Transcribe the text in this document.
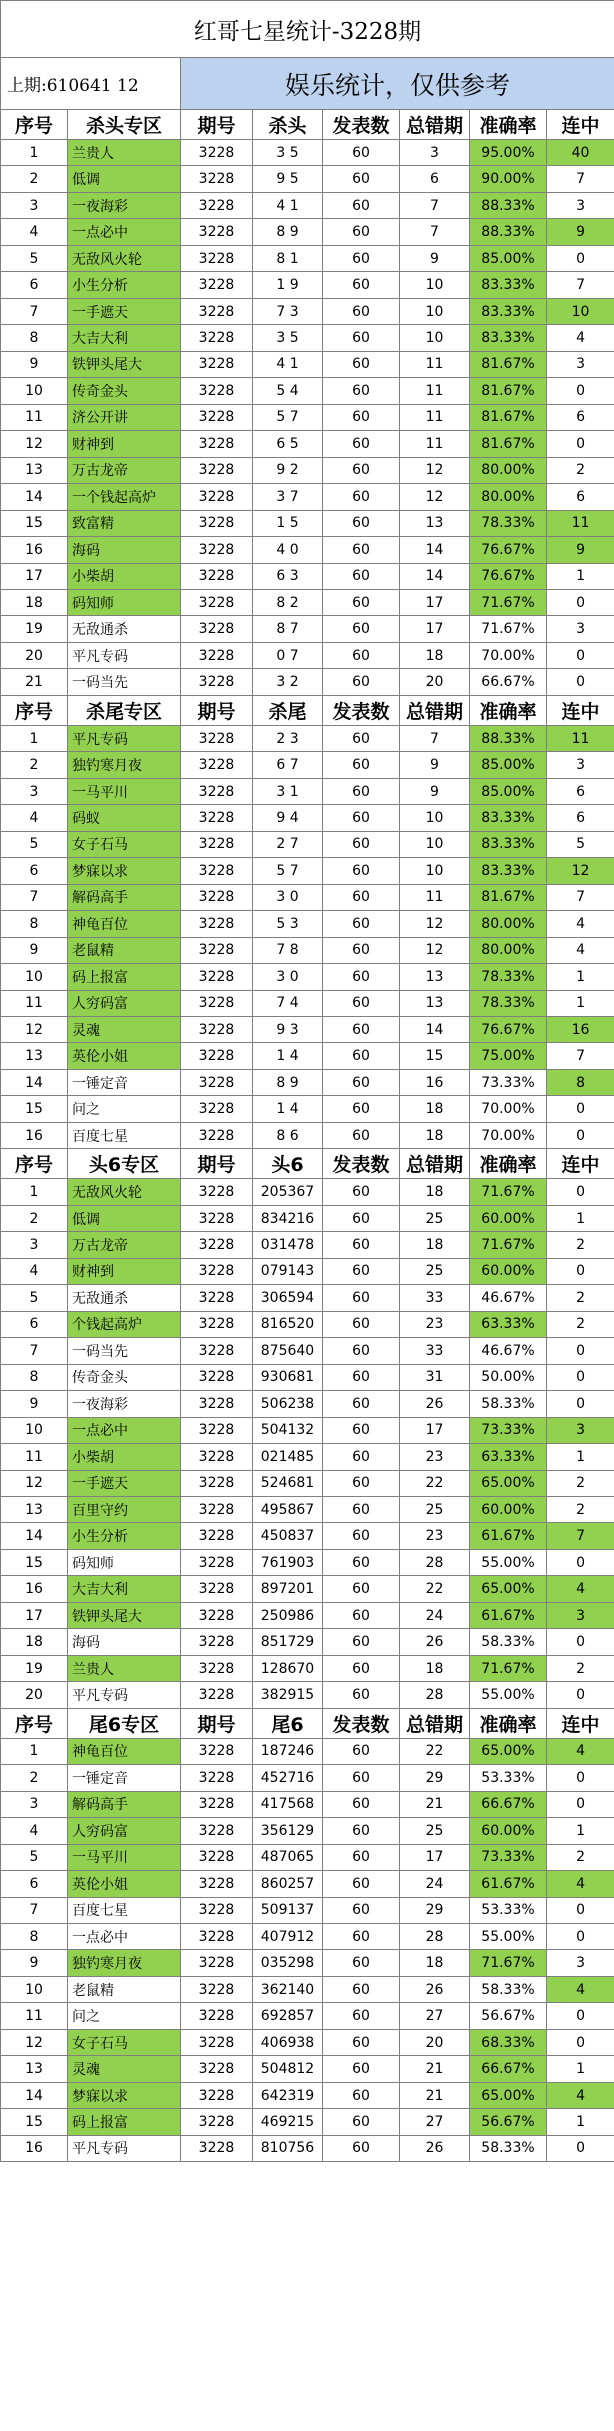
红哥七星统计-3228期							
上期:610641 12		娱乐统计，仅供参考					
序号	杀头专区	期号	杀头	发表数	总错期	准确率	连中
1	兰贵人	3228	3 5	60	3	95.00%	40
2	低调	3228	9 5	60	6	90.00%	7
3	一夜海彩	3228	4 1	60	7	88.33%	3
4	一点必中	3228	8 9	60	7	88.33%	9
5	无敌风火轮	3228	8 1	60	9	85.00%	0
6	小生分析	3228	1 9	60	10	83.33%	7
7	一手遮天	3228	7 3	60	10	83.33%	10
8	大吉大利	3228	3 5	60	10	83.33%	4
9	铁钾头尾大	3228	4 1	60	11	81.67%	3
10	传奇金头	3228	5 4	60	11	81.67%	0
11	济公开讲	3228	5 7	60	11	81.67%	6
12	财神到	3228	6 5	60	11	81.67%	0
13	万古龙帝	3228	9 2	60	12	80.00%	2
14	一个钱起高炉	3228	3 7	60	12	80.00%	6
15	致富精	3228	1 5	60	13	78.33%	11
16	海码	3228	4 0	60	14	76.67%	9
17	小柴胡	3228	6 3	60	14	76.67%	1
18	码知师	3228	8 2	60	17	71.67%	0
19	无敌通杀	3228	8 7	60	17	71.67%	3
20	平凡专码	3228	0 7	60	18	70.00%	0
21	一码当先	3228	3 2	60	20	66.67%	0
序号	杀尾专区	期号	杀尾	发表数	总错期	准确率	连中
1	平凡专码	3228	2 3	60	7	88.33%	11
2	独钓寒月夜	3228	6 7	60	9	85.00%	3
3	一马平川	3228	3 1	60	9	85.00%	6
4	码蚁	3228	9 4	60	10	83.33%	6
5	女子石马	3228	2 7	60	10	83.33%	5
6	梦寐以求	3228	5 7	60	10	83.33%	12
7	解码高手	3228	3 0	60	11	81.67%	7
8	神龟百位	3228	5 3	60	12	80.00%	4
9	老鼠精	3228	7 8	60	12	80.00%	4
10	码上报富	3228	3 0	60	13	78.33%	1
11	人穷码富	3228	7 4	60	13	78.33%	1
12	灵魂	3228	9 3	60	14	76.67%	16
13	英伦小姐	3228	1 4	60	15	75.00%	7
14	一锤定音	3228	8 9	60	16	73.33%	8
15	问之	3228	1 4	60	18	70.00%	0
16	百度七星	3228	8 6	60	18	70.00%	0
序号	头6专区	期号	头6	发表数	总错期	准确率	连中
1	无敌风火轮	3228	205367	60	18	71.67%	0
2	低调	3228	834216	60	25	60.00%	1
3	万古龙帝	3228	031478	60	18	71.67%	2
4	财神到	3228	079143	60	25	60.00%	0
5	无敌通杀	3228	306594	60	33	46.67%	2
6	个钱起高炉	3228	816520	60	23	63.33%	2
7	一码当先	3228	875640	60	33	46.67%	0
8	传奇金头	3228	930681	60	31	50.00%	0
9	一夜海彩	3228	506238	60	26	58.33%	0
10	一点必中	3228	504132	60	17	73.33%	3
11	小柴胡	3228	021485	60	23	63.33%	1
12	一手遮天	3228	524681	60	22	65.00%	2
13	百里守约	3228	495867	60	25	60.00%	2
14	小生分析	3228	450837	60	23	61.67%	7
15	码知师	3228	761903	60	28	55.00%	0
16	大吉大利	3228	897201	60	22	65.00%	4
17	铁钾头尾大	3228	250986	60	24	61.67%	3
18	海码	3228	851729	60	26	58.33%	0
19	兰贵人	3228	128670	60	18	71.67%	2
20	平凡专码	3228	382915	60	28	55.00%	0
序号	尾6专区	期号	尾6	发表数	总错期	准确率	连中
1	神龟百位	3228	187246	60	22	65.00%	4
2	一锤定音	3228	452716	60	29	53.33%	0
3	解码高手	3228	417568	60	21	66.67%	0
4	人穷码富	3228	356129	60	25	60.00%	1
5	一马平川	3228	487065	60	17	73.33%	2
6	英伦小姐	3228	860257	60	24	61.67%	4
7	百度七星	3228	509137	60	29	53.33%	0
8	一点必中	3228	407912	60	28	55.00%	0
9	独钓寒月夜	3228	035298	60	18	71.67%	3
10	老鼠精	3228	362140	60	26	58.33%	4
11	问之	3228	692857	60	27	56.67%	0
12	女子石马	3228	406938	60	20	68.33%	0
13	灵魂	3228	504812	60	21	66.67%	1
14	梦寐以求	3228	642319	60	21	65.00%	4
15	码上报富	3228	469215	60	27	56.67%	1
16	平凡专码	3228	810756	60	26	58.33%	0
